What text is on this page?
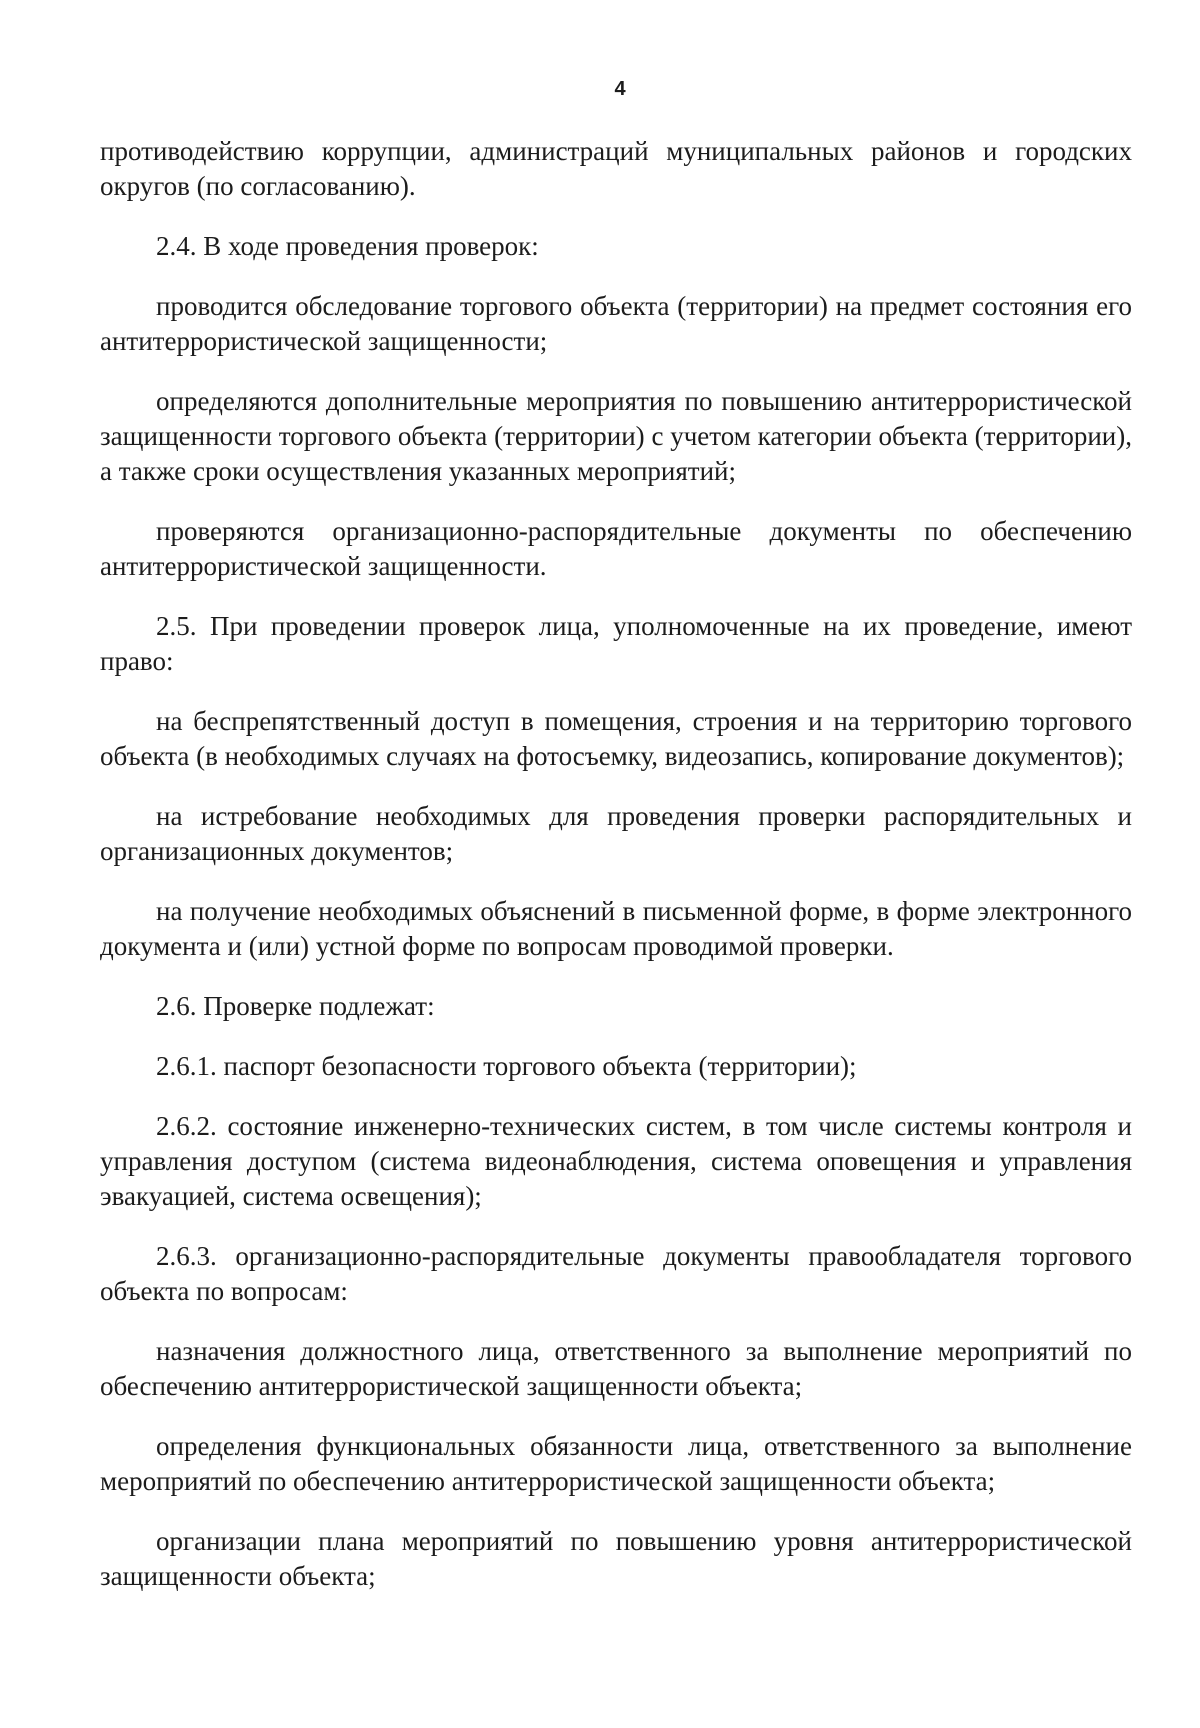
4

противодействию коррупции, администраций муниципальных районов и городских округов (по согласованию).

2.4. В ходе проведения проверок:

проводится обследование торгового объекта (территории) на предмет состояния его антитеррористической защищенности;

определяются дополнительные мероприятия по повышению антитеррористической защищенности торгового объекта (территории) с учетом категории объекта (территории), а также сроки осуществления указанных мероприятий;

проверяются организационно-распорядительные документы по обеспечению антитеррористической защищенности.

2.5. При проведении проверок лица, уполномоченные на их проведение, имеют право:

на беспрепятственный доступ в помещения, строения и на территорию торгового объекта (в необходимых случаях на фотосъемку, видеозапись, копирование документов);

на истребование необходимых для проведения проверки распорядительных и организационных документов;

на получение необходимых объяснений в письменной форме, в форме электронного документа и (или) устной форме по вопросам проводимой проверки.

2.6. Проверке подлежат:

2.6.1. паспорт безопасности торгового объекта (территории);

2.6.2. состояние инженерно-технических систем, в том числе системы контроля и управления доступом (система видеонаблюдения, система оповещения и управления эвакуацией, система освещения);

2.6.3. организационно-распорядительные документы правообладателя торгового объекта по вопросам:

назначения должностного лица, ответственного за выполнение мероприятий по обеспечению антитеррористической защищенности объекта;

определения функциональных обязанности лица, ответственного за выполнение мероприятий по обеспечению антитеррористической защищенности объекта;

организации плана мероприятий по повышению уровня антитеррористической защищенности объекта;
